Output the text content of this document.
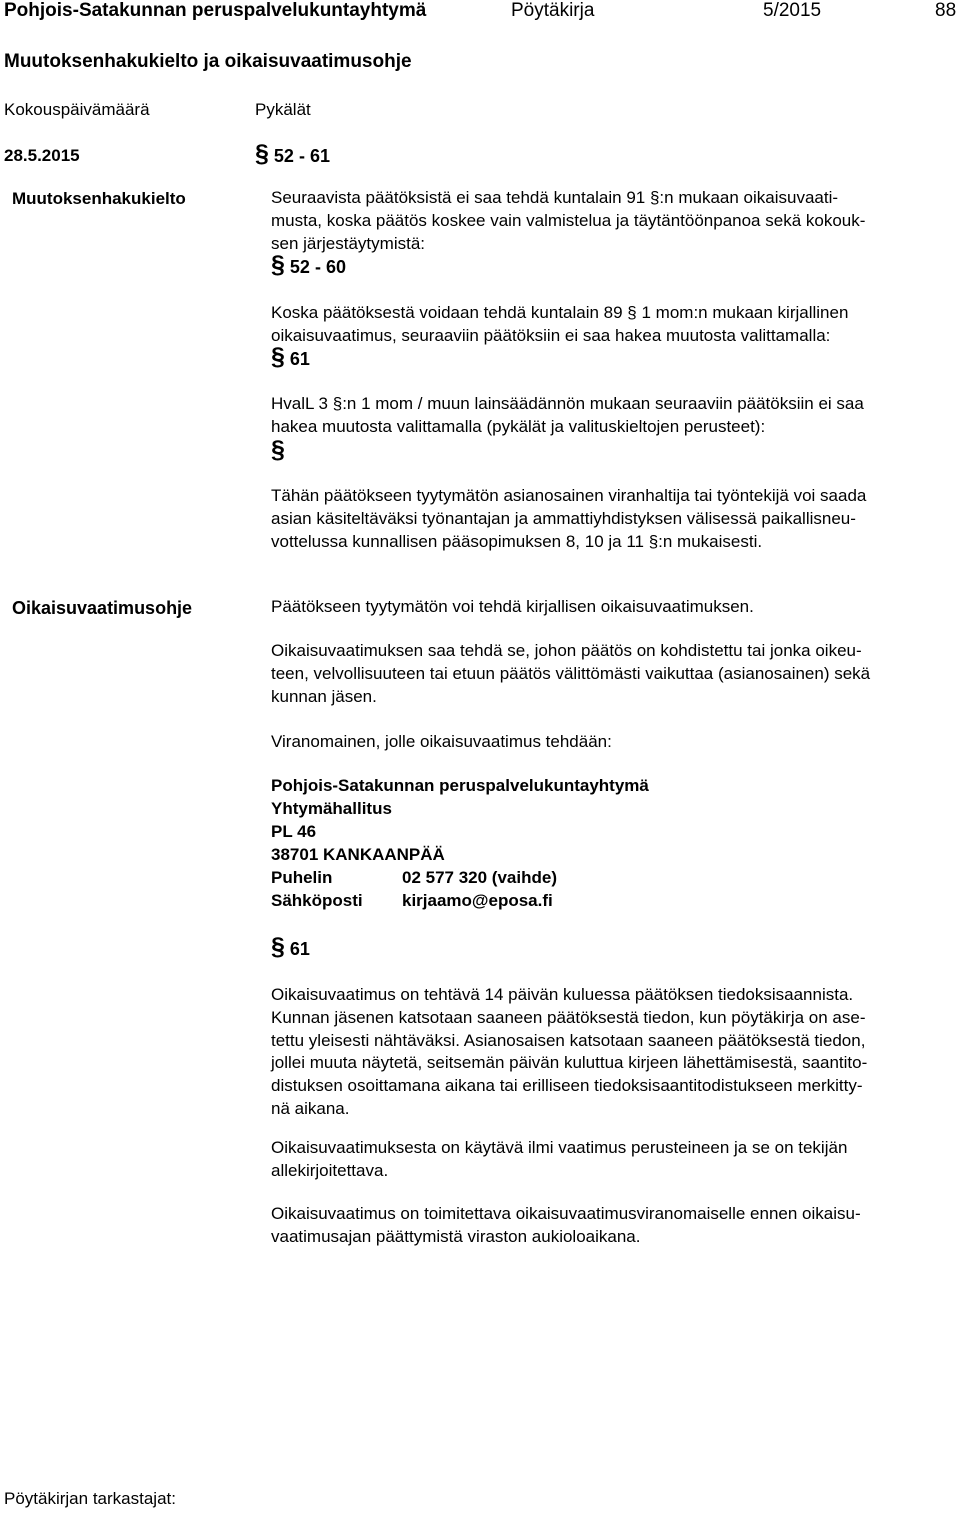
Pohjois-Satakunnan peruspalvelukuntayhtymä	Pöytäkirja	5/2015	88
Muutoksenhakukielto ja oikaisuvaatimusohje
Kokouspäivämäärä	Pykälät
28.5.2015	§ 52 - 61
Muutoksenhakukielto	Seuraavista päätöksistä ei saa tehdä kuntalain 91 §:n mukaan oikaisuvaati-
musta, koska päätös koskee vain valmistelua ja täytäntöönpanoa sekä kokouk-
sen järjestäytymistä:
§ 52 - 60
Koska päätöksestä voidaan tehdä kuntalain 89 § 1 mom:n mukaan kirjallinen
oikaisuvaatimus, seuraaviin päätöksiin ei saa hakea muutosta valittamalla:
§ 61
HvalL 3 §:n 1 mom / muun lainsäädännön mukaan seuraaviin päätöksiin ei saa
hakea muutosta valittamalla (pykälät ja valituskieltojen perusteet):
§
Tähän päätökseen tyytymätön asianosainen viranhaltija tai työntekijä voi saada
asian käsiteltäväksi työnantajan ja ammattiyhdistyksen välisessä paikallisneu-
vottelussa kunnallisen pääsopimuksen 8, 10 ja 11 §:n mukaisesti.
Oikaisuvaatimusohje	Päätökseen tyytymätön voi tehdä kirjallisen oikaisuvaatimuksen.
Oikaisuvaatimuksen saa tehdä se, johon päätös on kohdistettu tai jonka oikeu-
teen, velvollisuuteen tai etuun päätös välittömästi vaikuttaa (asianosainen) sekä
kunnan jäsen.
Viranomainen, jolle oikaisuvaatimus tehdään:
Pohjois-Satakunnan peruspalvelukuntayhtymä
Yhtymähallitus
PL 46
38701 KANKAANPÄÄ
Puhelin	02 577 320 (vaihde)
Sähköposti kirjaamo@eposa.fi
§ 61
Oikaisuvaatimus on tehtävä 14 päivän kuluessa päätöksen tiedoksisaannista.
Kunnan jäsenen katsotaan saaneen päätöksestä tiedon, kun pöytäkirja on ase-
tettu yleisesti nähtäväksi. Asianosaisen katsotaan saaneen päätöksestä tiedon,
jollei muuta näytetä, seitsemän päivän kuluttua kirjeen lähettämisestä, saantito-
distuksen osoittamana aikana tai erilliseen tiedoksisaantitodistukseen merkitty-
nä aikana.
Oikaisuvaatimuksesta on käytävä ilmi vaatimus perusteineen ja se on tekijän
allekirjoitettava.
Oikaisuvaatimus on toimitettava oikaisuvaatimusviranomaiselle ennen oikaisu-
vaatimusajan päättymistä viraston aukioloaikana.
Pöytäkirjan tarkastajat:
